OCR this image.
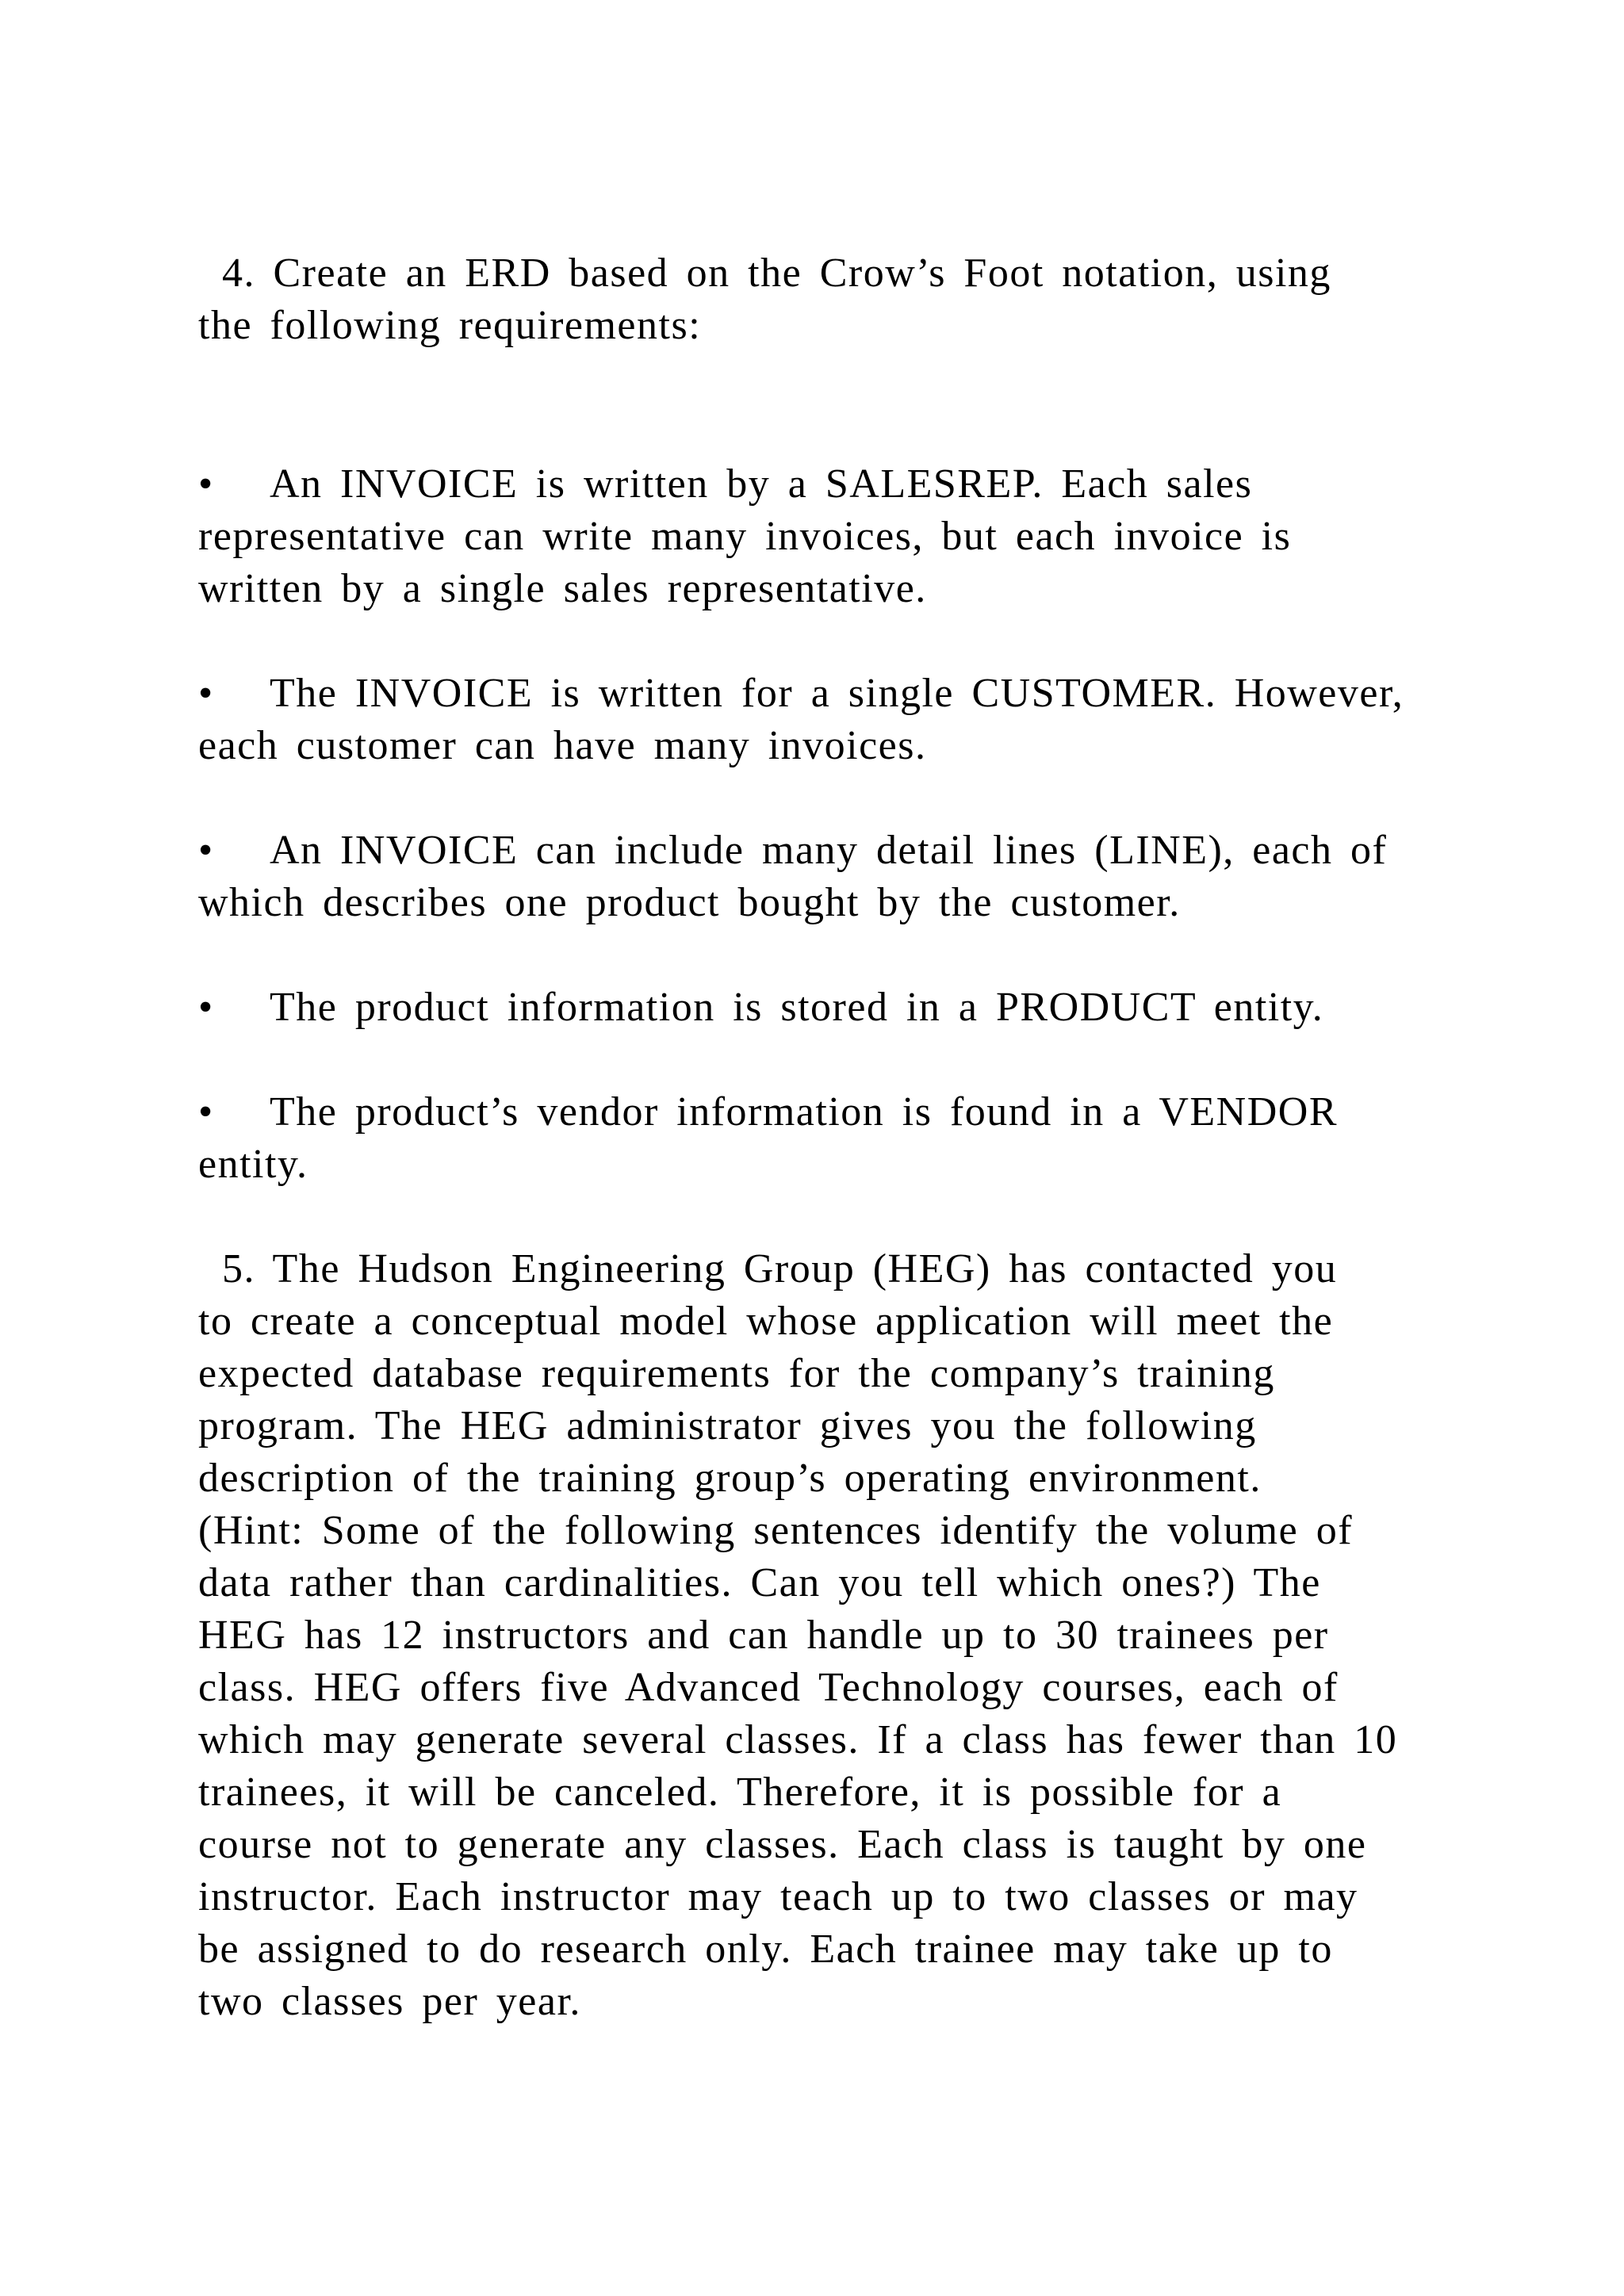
4. Create an ERD based on the Crow’s Foot notation, using
the following requirements:
• An INVOICE is written by a SALESREP. Each sales
representative can write many invoices, but each invoice is
written by a single sales representative.
• The INVOICE is written for a single CUSTOMER. However,
each customer can have many invoices.
• An INVOICE can include many detail lines (LINE), each of
which describes one product bought by the customer.
• The product information is stored in a PRODUCT entity.
• The product’s vendor information is found in a VENDOR
entity.
5. The Hudson Engineering Group (HEG) has contacted you
to create a conceptual model whose application will meet the
expected database requirements for the company’s training
program. The HEG administrator gives you the following
description of the training group’s operating environment.
(Hint: Some of the following sentences identify the volume of
data rather than cardinalities. Can you tell which ones?) The
HEG has 12 instructors and can handle up to 30 trainees per
class. HEG offers five Advanced Technology courses, each of
which may generate several classes. If a class has fewer than 10
trainees, it will be canceled. Therefore, it is possible for a
course not to generate any classes. Each class is taught by one
instructor. Each instructor may teach up to two classes or may
be assigned to do research only. Each trainee may take up to
two classes per year.
